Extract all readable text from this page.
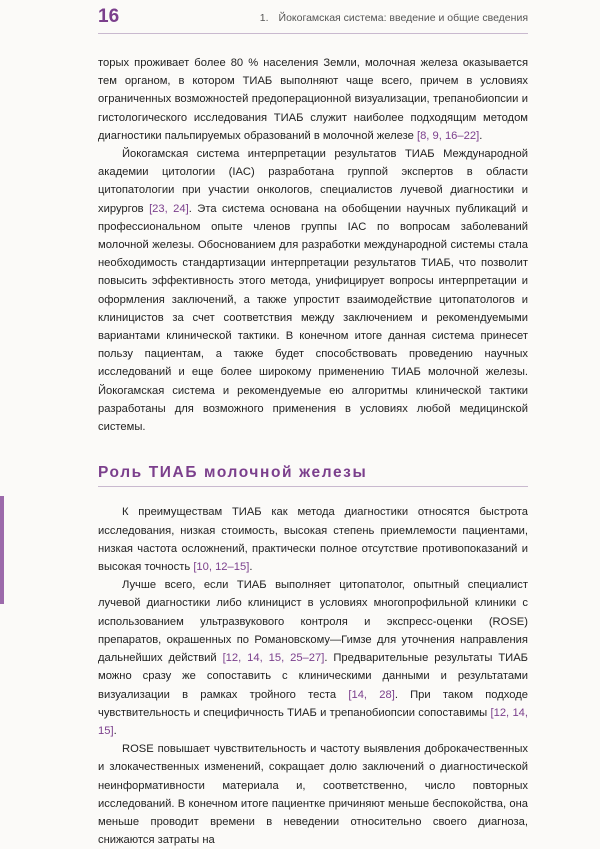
16	1. Йокогамская система: введение и общие сведения

торых проживает более 80 % населения Земли, молочная железа оказывается тем органом, в котором ТИАБ выполняют чаще всего, причем в условиях ограниченных возможностей предоперационной визуализации, трепанобиопсии и гистологического исследования ТИАБ служит наиболее подходящим методом диагностики пальпируемых образований в молочной железе [8, 9, 16–22].

Йокогамская система интерпретации результатов ТИАБ Международной академии цитологии (IAC) разработана группой экспертов в области цитопатологии при участии онкологов, специалистов лучевой диагностики и хирургов [23, 24]. Эта система основана на обобщении научных публикаций и профессиональном опыте членов группы IAC по вопросам заболеваний молочной железы. Обоснованием для разработки международной системы стала необходимость стандартизации интерпретации результатов ТИАБ, что позволит повысить эффективность этого метода, унифицирует вопросы интерпретации и оформления заключений, а также упростит взаимодействие цитопатологов и клиницистов за счет соответствия между заключением и рекомендуемыми вариантами клинической тактики. В конечном итоге данная система принесет пользу пациентам, а также будет способствовать проведению научных исследований и еще более широкому применению ТИАБ молочной железы. Йокогамская система и рекомендуемые ею алгоритмы клинической тактики разработаны для возможного применения в условиях любой медицинской системы.

Роль ТИАБ молочной железы

К преимуществам ТИАБ как метода диагностики относятся быстрота исследования, низкая стоимость, высокая степень приемлемости пациентами, низкая частота осложнений, практически полное отсутствие противопоказаний и высокая точность [10, 12–15].

Лучше всего, если ТИАБ выполняет цитопатолог, опытный специалист лучевой диагностики либо клиницист в условиях многопрофильной клиники с использованием ультразвукового контроля и экспресс-оценки (ROSE) препаратов, окрашенных по Романовскому—Гимзе для уточнения направления дальнейших действий [12, 14, 15, 25–27]. Предварительные результаты ТИАБ можно сразу же сопоставить с клиническими данными и результатами визуализации в рамках тройного теста [14, 28]. При таком подходе чувствительность и специфичность ТИАБ и трепанобиопсии сопоставимы [12, 14, 15].

ROSE повышает чувствительность и частоту выявления доброкачественных и злокачественных изменений, сокращает долю заключений о диагностической неинформативности материала и, соответственно, число повторных исследований. В конечном итоге пациентке причиняют меньше беспокойства, она меньше проводит времени в неведении относительно своего диагноза, снижаются затраты на
